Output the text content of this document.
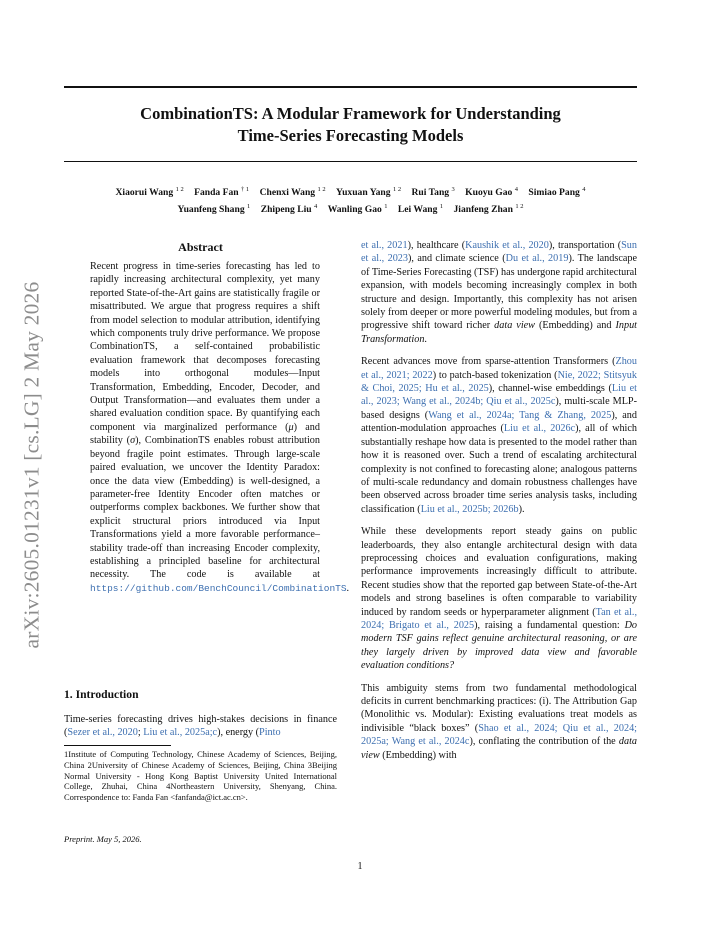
CombinationTS: A Modular Framework for Understanding
Time-Series Forecasting Models
Xiaorui Wang $^{1 2}$ Fanda Fan $^{\dagger 1}$ Chenxi Wang $^{1 2}$ Yuxuan Yang $^{1 2}$ Rui Tang $^3$ Kuoyu Gao $^4$ Simiao Pang $^4$
Yuanfeng Shang $^1$ Zhipeng Liu $^4$ Wanling Gao $^1$ Lei Wang $^1$ Jianfeng Zhan $^{1 2}$
arXiv:2605.01231v1 [cs.LG] 2 May 2026
Abstract

Recent progress in time-series forecasting has led to rapidly increasing architectural complexity, yet many reported State-of-the-Art gains are statistically fragile or misattributed. We argue that progress requires a shift from model selection to modular attribution, identifying which components truly drive performance. We propose CombinationTS, a self-contained probabilistic evaluation framework that decomposes forecasting models into orthogonal modules—Input Transformation, Embedding, Encoder, Decoder, and Output Transformation—and evaluates them under a shared evaluation condition space. By quantifying each component via marginalized performance (μ) and stability (σ), CombinationTS enables robust attribution beyond fragile point estimates. Through large-scale paired evaluation, we uncover the Identity Paradox: once the data view (Embedding) is well-designed, a parameter-free Identity Encoder often matches or outperforms complex backbones. We further show that explicit structural priors introduced via Input Transformations yield a more favorable performance–stability trade-off than increasing Encoder complexity, establishing a principled baseline for architectural necessity. The code is available at https://github.com/BenchCouncil/CombinationTS.

1. Introduction

Time-series forecasting drives high-stakes decisions in finance (Sezer et al., 2020; Liu et al., 2025a;c), energy (Pinto

1Institute of Computing Technology, Chinese Academy of Sciences, Beijing, China 2University of Chinese Academy of Sciences, Beijing, China 3Beijing Normal University - Hong Kong Baptist University United International College, Zhuhai, China 4Northeastern University, Shenyang, China. Correspondence to: Fanda Fan <fanfanda@ict.ac.cn>.
Preprint. May 5, 2026.

et al., 2021), healthcare (Kaushik et al., 2020), transportation (Sun et al., 2023), and climate science (Du et al., 2019). The landscape of Time-Series Forecasting (TSF) has undergone rapid architectural expansion, with models becoming increasingly complex in both structure and design. Importantly, this complexity has not arisen solely from deeper or more powerful modeling modules, but from a progressive shift toward richer data view (Embedding) and Input Transformation.

Recent advances move from sparse-attention Transformers (Zhou et al., 2021; 2022) to patch-based tokenization (Nie, 2022; Stitsyuk & Choi, 2025; Hu et al., 2025), channel-wise embeddings (Liu et al., 2023; Wang et al., 2024b; Qiu et al., 2025c), multi-scale MLP-based designs (Wang et al., 2024a; Tang & Zhang, 2025), and attention-modulation approaches (Liu et al., 2026c), all of which substantially reshape how data is presented to the model rather than how it is reasoned over. Such a trend of escalating architectural complexity is not confined to forecasting alone; analogous patterns of multi-scale redundancy and domain robustness challenges have been observed across broader time series analysis tasks, including classification (Liu et al., 2025b; 2026b).

While these developments report steady gains on public leaderboards, they also entangle architectural design with data preprocessing choices and evaluation configurations, making performance improvements increasingly difficult to attribute. Recent studies show that the reported gap between State-of-the-Art models and strong baselines is often comparable to variability induced by random seeds or hyperparameter alignment (Tan et al., 2024; Brigato et al., 2025), raising a fundamental question: Do modern TSF gains reflect genuine architectural reasoning, or are they largely driven by improved data view and favorable evaluation conditions?

This ambiguity stems from two fundamental methodological deficits in current benchmarking practices: (i). The Attribution Gap (Monolithic vs. Modular): Existing evaluations treat models as indivisible “black boxes” (Shao et al., 2024; Qiu et al., 2024; 2025a; Wang et al., 2024c), conflating the contribution of the data view (Embedding) with

1
